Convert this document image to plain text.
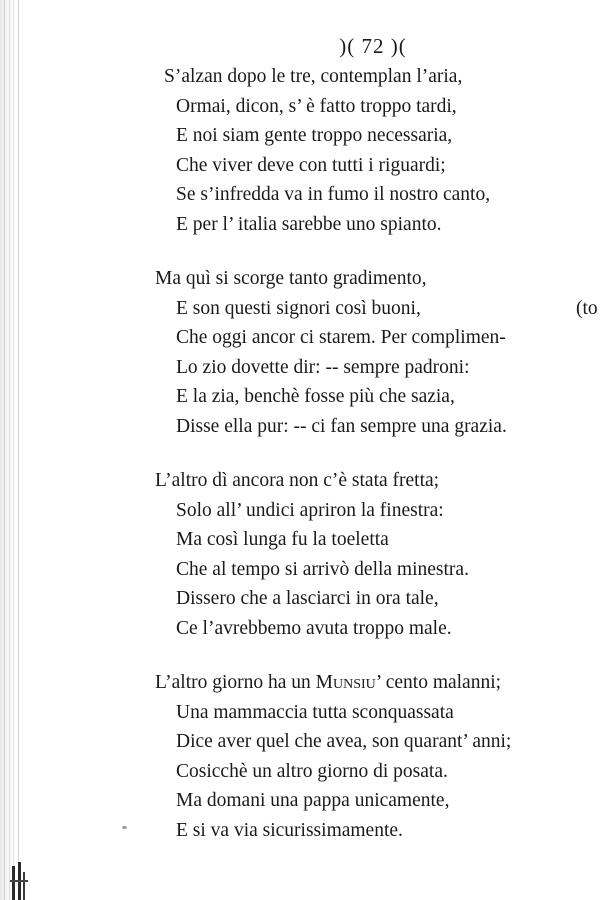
)( 72 )(
S’alzan dopo le tre, contemplan l’aria,
Ormai, dicon, s’ è fatto troppo tardi,
E noi siam gente troppo necessaria,
Che viver deve con tutti i riguardi;
Se s’infredda va in fumo il nostro canto,
E per l’ italia sarebbe uno spianto.
Ma quì si scorge tanto gradimento,
E son questi signori così buoni,	(to
Che oggi ancor ci starem. Per complimen-
Lo zio dovette dir: -- sempre padroni:
E la zia, benchè fosse più che sazia,
Disse ella pur: -- ci fan sempre una grazia.
L’altro dì ancora non c’è stata fretta;
Solo all’ undici apriron la finestra:
Ma così lunga fu la toeletta
Che al tempo si arrivò della minestra.
Dissero che a lasciarci in ora tale,
Ce l’avrebbemo avuta troppo male.
L’altro giorno ha un Munsiu’ cento malanni;
Una mammaccia tutta sconquassata
Dice aver quel che avea, son quarant’ anni;
Cosicchè un altro giorno di posata.
Ma domani una pappa unicamente,
E si va via sicurissimamente.
